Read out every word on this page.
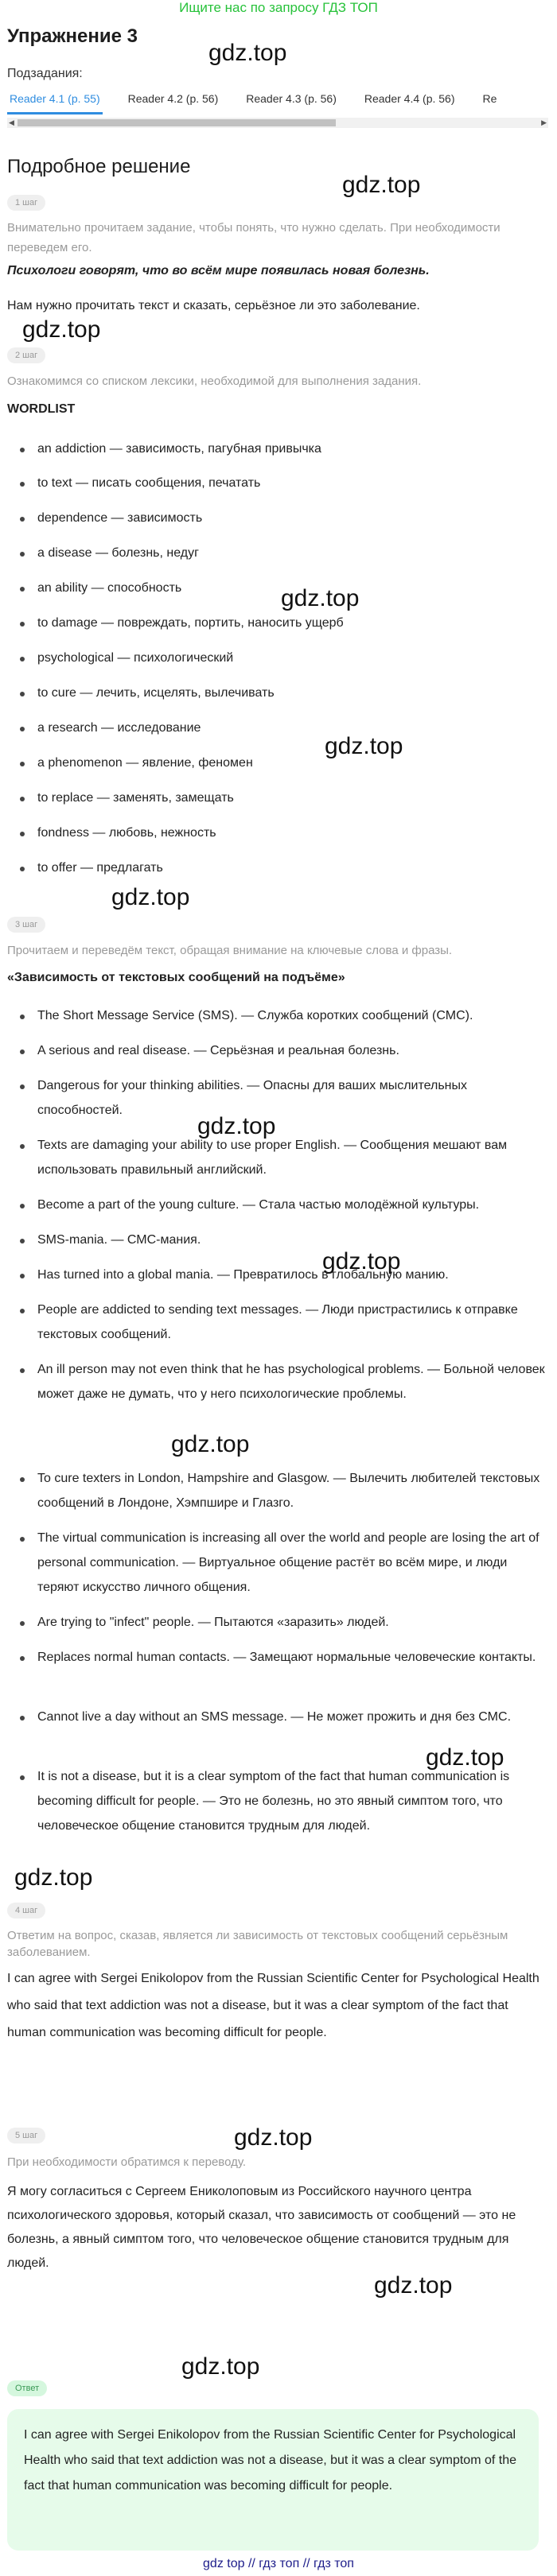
Ищите нас по запросу ГДЗ ТОП
Упражнение 3
gdz.top
Подзадания:
Reader 4.1 (p. 55)	Reader 4.2 (p. 56)	Reader 4.3 (p. 56)	Reader 4.4 (p. 56)	Re
◀	▶
Подробное решение
gdz.top
1 шаг
Внимательно прочитаем задание, чтобы понять, что нужно сделать. При необходимости переведем его.
Психологи говорят, что во всём мире появилась новая болезнь.
Нам нужно прочитать текст и сказать, серьёзное ли это заболевание.
gdz.top
2 шаг
Ознакомимся со списком лексики, необходимой для выполнения задания.
WORDLIST
an addiction — зависимость, пагубная привычка
to text — писать сообщения, печатать
dependence — зависимость
a disease — болезнь, недуг
an ability — способность	gdz.top
to damage — повреждать, портить, наносить ущерб
psychological — психологический
to cure — лечить, исцелять, вылечивать
a research — исследование
gdz.top
a phenomenon — явление, феномен
to replace — заменять, замещать
fondness — любовь, нежность
to offer — предлагать
gdz.top
3 шаг
Прочитаем и переведём текст, обращая внимание на ключевые слова и фразы.
«Зависимость от текстовых сообщений на подъёме»
The Short Message Service (SMS). — Служба коротких сообщений (СМС).
A serious and real disease. — Серьёзная и реальная болезнь.
Dangerous for your thinking abilities. — Опасны для ваших мыслительных способностей.
gdz.top
Texts are damaging your ability to use proper English. — Сообщения мешают вам использовать правильный английский.
Become a part of the young culture. — Стала частью молодёжной культуры.
SMS-mania. — СМС-мания.
gdz.top
Has turned into a global mania. — Превратилось в глобальную манию.
People are addicted to sending text messages. — Люди пристрастились к отправке текстовых сообщений.
An ill person may not even think that he has psychological problems. — Больной человек может даже не думать, что у него психологические проблемы.
gdz.top
To cure texters in London, Hampshire and Glasgow. — Вылечить любителей текстовых сообщений в Лондоне, Хэмпшире и Глазго.
The virtual communication is increasing all over the world and people are losing the art of personal communication. — Виртуальное общение растёт во всём мире, и люди теряют искусство личного общения.
Are trying to "infect" people. — Пытаются «заразить» людей.
Replaces normal human contacts. — Замещают нормальные человеческие контакты.
Cannot live a day without an SMS message. — Не может прожить и дня без СМС.
gdz.top
It is not a disease, but it is a clear symptom of the fact that human communication is becoming difficult for people. — Это не болезнь, но это явный симптом того, что человеческое общение становится трудным для людей.
gdz.top
4 шаг
Ответим на вопрос, сказав, является ли зависимость от текстовых сообщений серьёзным заболеванием.
I can agree with Sergei Enikolopov from the Russian Scientific Center for Psychological Health who said that text addiction was not a disease, but it was a clear symptom of the fact that human communication was becoming difficult for people.
gdz.top
5 шаг
При необходимости обратимся к переводу.
Я могу согласиться с Сергеем Ениколоповым из Российского научного центра психологического здоровья, который сказал, что зависимость от сообщений — это не болезнь, а явный симптом того, что человеческое общение становится трудным для людей.
gdz.top
Ответ
gdz.top
I can agree with Sergei Enikolopov from the Russian Scientific Center for Psychological Health who said that text addiction was not a disease, but it was a clear symptom of the fact that human communication was becoming difficult for people.
gdz top // гдз топ // гдз топ
